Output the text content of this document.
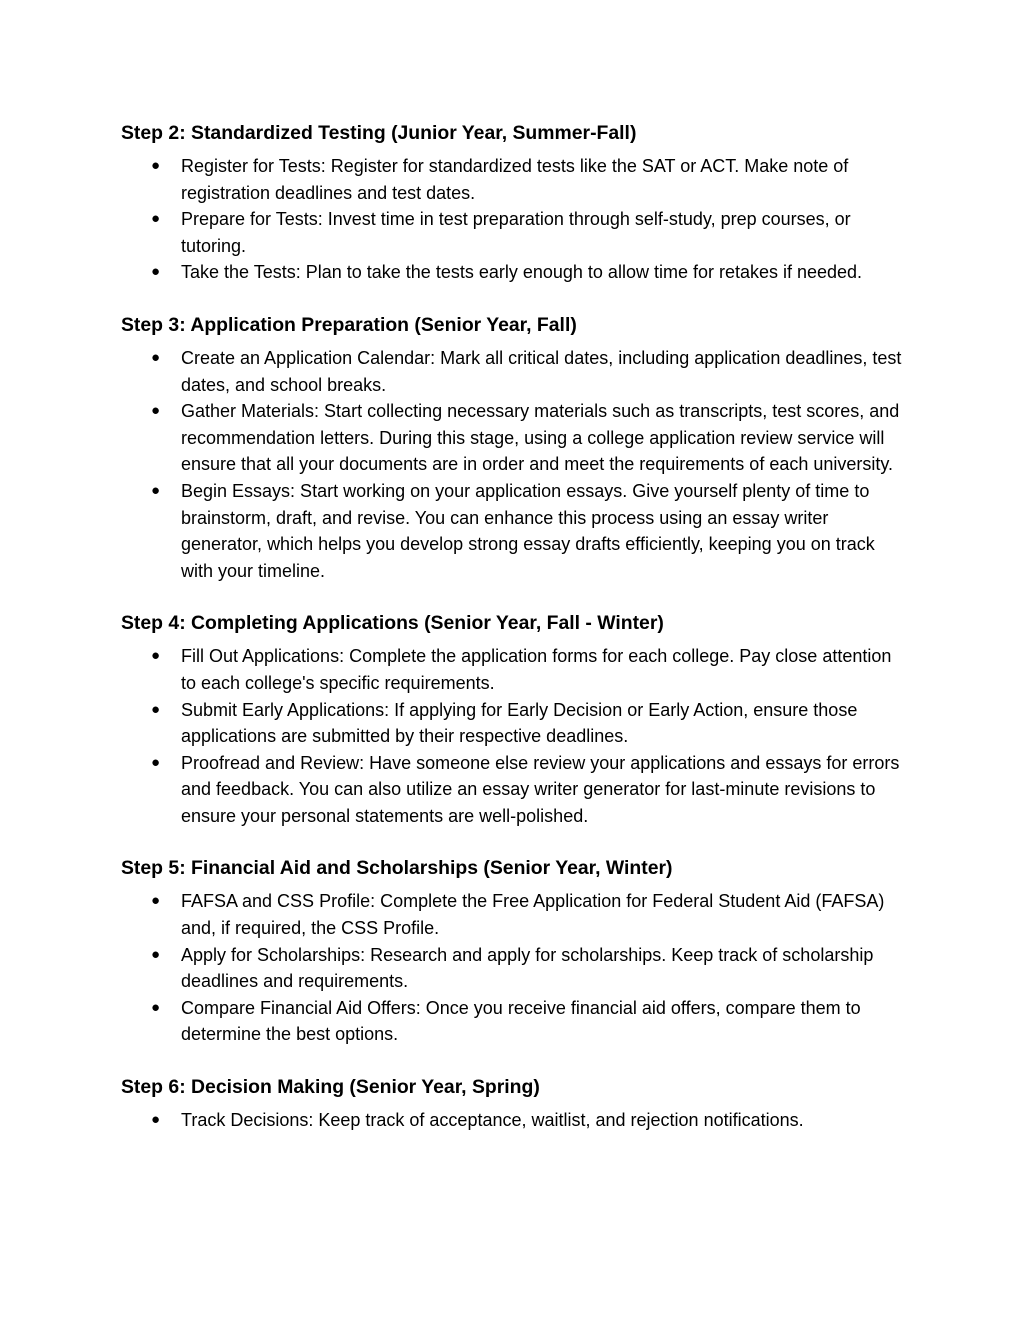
Step 2: Standardized Testing (Junior Year, Summer-Fall)
● Register for Tests: Register for standardized tests like the SAT or ACT. Make note of registration deadlines and test dates.
● Prepare for Tests: Invest time in test preparation through self-study, prep courses, or tutoring.
● Take the Tests: Plan to take the tests early enough to allow time for retakes if needed.
Step 3: Application Preparation (Senior Year, Fall)
● Create an Application Calendar: Mark all critical dates, including application deadlines, test dates, and school breaks.
● Gather Materials: Start collecting necessary materials such as transcripts, test scores, and recommendation letters. During this stage, using a college application review service will ensure that all your documents are in order and meet the requirements of each university.
● Begin Essays: Start working on your application essays. Give yourself plenty of time to brainstorm, draft, and revise. You can enhance this process using an essay writer generator, which helps you develop strong essay drafts efficiently, keeping you on track with your timeline.
Step 4: Completing Applications (Senior Year, Fall - Winter)
● Fill Out Applications: Complete the application forms for each college. Pay close attention to each college's specific requirements.
● Submit Early Applications: If applying for Early Decision or Early Action, ensure those applications are submitted by their respective deadlines.
● Proofread and Review: Have someone else review your applications and essays for errors and feedback. You can also utilize an essay writer generator for last-minute revisions to ensure your personal statements are well-polished.
Step 5: Financial Aid and Scholarships (Senior Year, Winter)
● FAFSA and CSS Profile: Complete the Free Application for Federal Student Aid (FAFSA) and, if required, the CSS Profile.
● Apply for Scholarships: Research and apply for scholarships. Keep track of scholarship deadlines and requirements.
● Compare Financial Aid Offers: Once you receive financial aid offers, compare them to determine the best options.
Step 6: Decision Making (Senior Year, Spring)
● Track Decisions: Keep track of acceptance, waitlist, and rejection notifications.
